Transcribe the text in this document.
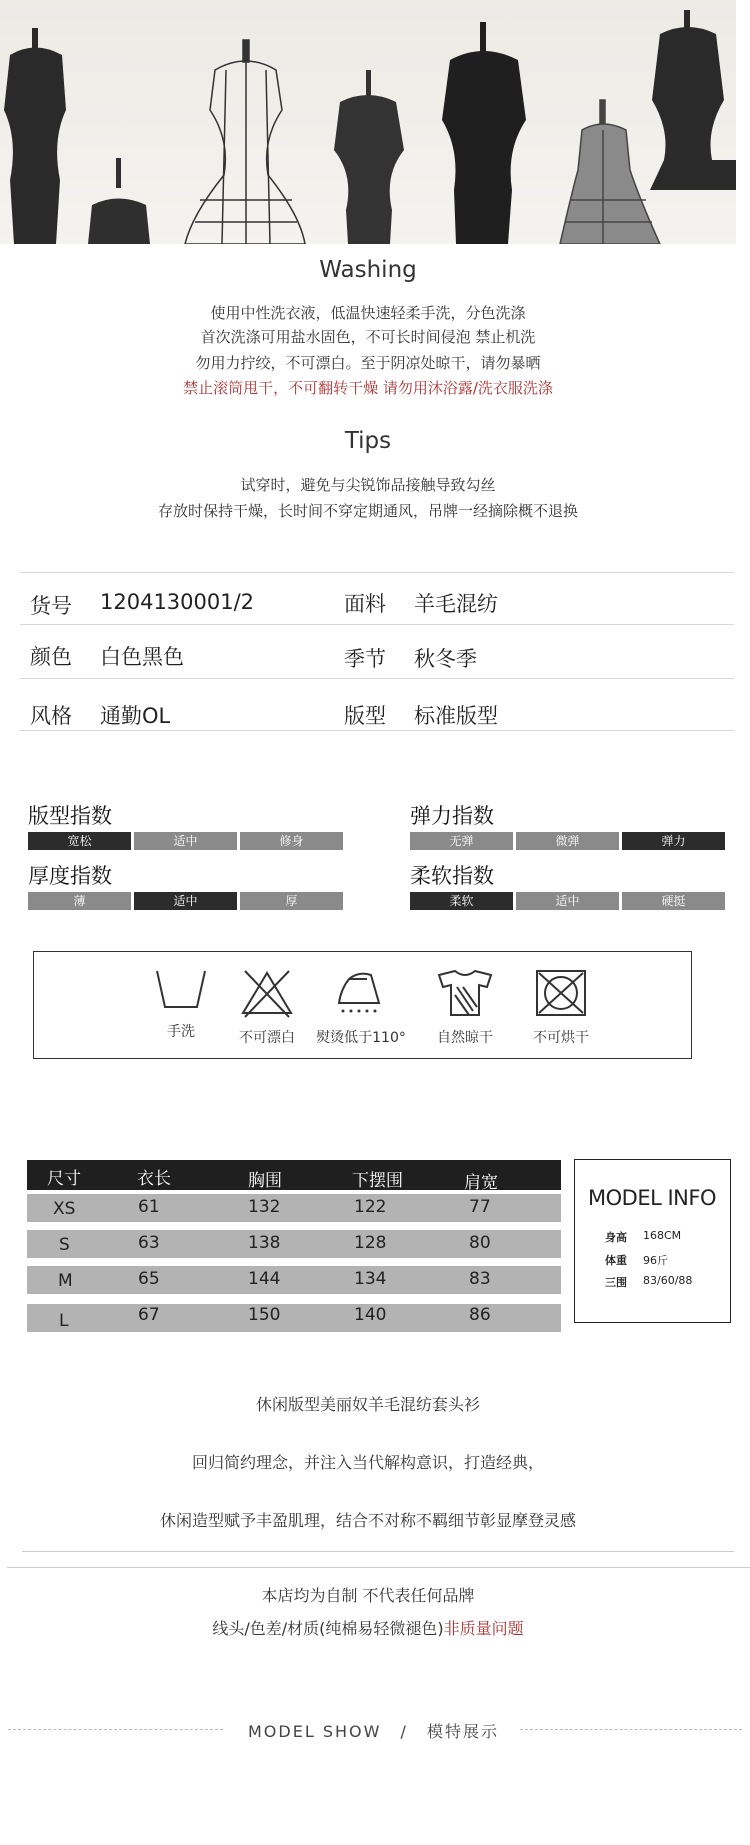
Washing
使用中性洗衣液，低温快速轻柔手洗，分色洗涤
首次洗涤可用盐水固色，不可长时间侵泡 禁止机洗
勿用力拧绞，不可漂白。至于阴凉处晾干，请勿暴晒
禁止滚筒甩干，不可翻转干燥 请勿用沐浴露/洗衣服洗涤
Tips
试穿时，避免与尖锐饰品接触导致勾丝
存放时保持干燥，长时间不穿定期通风，吊牌一经摘除概不退换
货号 1204130001/2	面料 羊毛混纺
颜色 白色黑色	季节 秋冬季
风格 通勤OL	版型 标准版型
版型指数
宽松	适中	修身
弹力指数
无弹	微弹	弹力
厚度指数
薄	适中	厚
柔软指数
柔软	适中	硬挺
手洗	不可漂白	熨烫低于110°	自然晾干	不可烘干
尺寸	衣长	胸围	下摆围	肩宽
XS	61	132	122	77
S	63	138	128	80
M	65	144	134	83
L	67	150	140	86
MODEL INFO
身高 168CM
体重 96斤
三围 83/60/88
休闲版型美丽奴羊毛混纺套头衫
回归简约理念，并注入当代解构意识，打造经典，
休闲造型赋予丰盈肌理，结合不对称不羁细节彰显摩登灵感
本店均为自制 不代表任何品牌
线头/色差/材质(纯棉易轻微褪色)非质量问题
MODEL SHOW / 模特展示
